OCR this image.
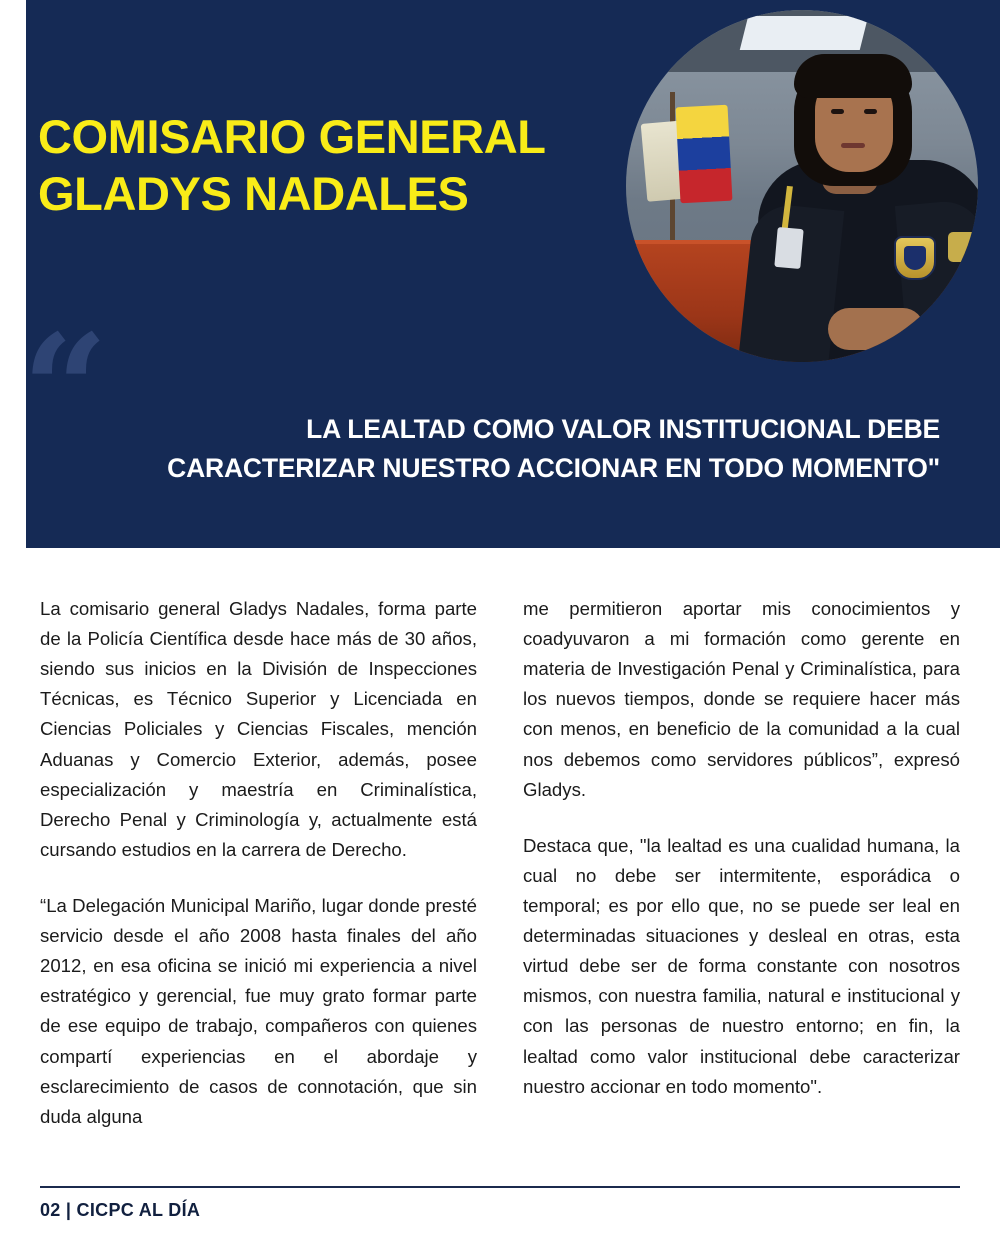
COMISARIO GENERAL
GLADYS NADALES
“	LA LEALTAD COMO VALOR INSTITUCIONAL DEBE
CARACTERIZAR NUESTRO ACCIONAR EN TODO MOMENTO"

La comisario general Gladys Nadales, forma parte de la Policía Científica desde hace más de 30 años, siendo sus inicios en la División de Inspecciones Técnicas, es Técnico Superior y Licenciada en Ciencias Policiales y Ciencias Fiscales, mención Aduanas y Comercio Exterior, además, posee especialización y maestría en Criminalística, Derecho Penal y Criminología y, actualmente está cursando estudios en la carrera de Derecho.

“La Delegación Municipal Mariño, lugar donde presté servicio desde el año 2008 hasta finales del año 2012, en esa oficina se inició mi experiencia a nivel estratégico y gerencial, fue muy grato formar parte de ese equipo de trabajo, compañeros con quienes compartí experiencias en el abordaje y esclarecimiento de casos de connotación, que sin duda alguna

me permitieron aportar mis conocimientos y coadyuvaron a mi formación como gerente en materia de Investigación Penal y Criminalística, para los nuevos tiempos, donde se requiere hacer más con menos, en beneficio de la comunidad a la cual nos debemos como servidores públicos”, expresó Gladys.

Destaca que, "la lealtad es una cualidad humana, la cual no debe ser intermitente, esporádica o temporal; es por ello que, no se puede ser leal en determinadas situaciones y desleal en otras, esta virtud debe ser de forma constante con nosotros mismos, con nuestra familia, natural e institucional y con las personas de nuestro entorno; en fin, la lealtad como valor institucional debe caracterizar nuestro accionar en todo momento".

02 | CICPC AL DÍA
